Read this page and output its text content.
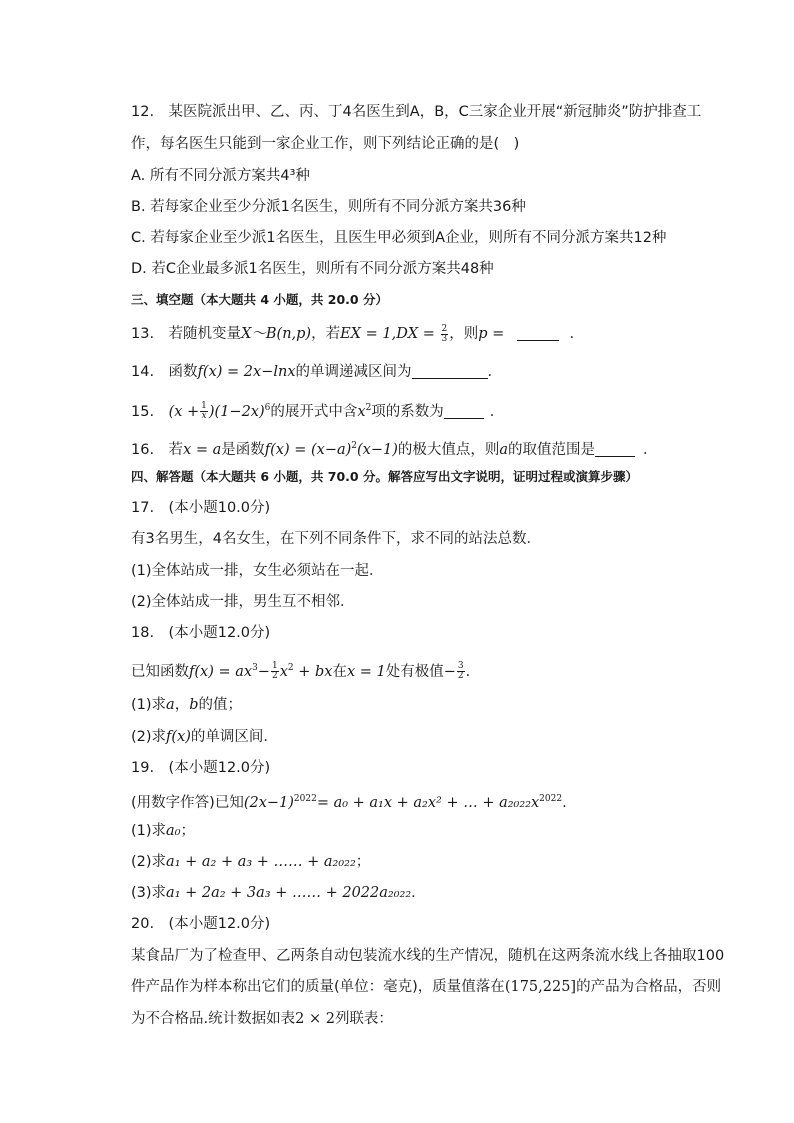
12.　某医院派出甲、乙、丙、丁4名医生到A，B，C三家企业开展“新冠肺炎”防护排查工
作，每名医生只能到一家企业工作，则下列结论正确的是(　)
A. 所有不同分派方案共4³种
B. 若每家企业至少分派1名医生，则所有不同分派方案共36种
C. 若每家企业至少派1名医生，且医生甲必须到A企业，则所有不同分派方案共12种
D. 若C企业最多派1名医生，则所有不同分派方案共48种
三、填空题（本大题共 4 小题，共 20.0 分）
13.　若随机变量X～B(n,p)，若EX = $1,DX = \frac{2}{3}$ ，则p =	．
14.　函数f(x) = 2x−lnx的单调递减区间为	．
15.　$(x + \frac{1}{x} )(1-2x)^6$的展开式中含$x^2$项的系数为	．
16.　若x = a是函数$f(x) = (x-a)^2(x-1)$的极大值点，则a的取值范围是	．
四、解答题（本大题共 6 小题，共 70.0 分。解答应写出文字说明，证明过程或演算步骤）
17.　(本小题10.0分)
有3名男生，4名女生，在下列不同条件下，求不同的站法总数．
(1)全体站成一排，女生必须站在一起．
(2)全体站成一排，男生互不相邻．
18.　(本小题12.0分)
已知函数$f(x) = ax^3- \frac{1}{2} x^2$ + bx在x = 1处有极值− $\frac{3}{2}$ ．
(1)求a，b的值；
(2)求f(x)的单调区间．
19.　(本小题12.0分)
(用数字作答)已知$(2x-1)^{2022}= a_0 + a_1x + a_2x^2$ + … + $a_{2022}x^{2022}$.
(1)求a₀；
(2)求a₁ + a₂ + a₃ + …… + a₂₀₂₂；
(3)求a₁ + 2a₂ + 3a₃ + …… + 2022a₂₀₂₂.
20.　(本小题12.0分)
某食品厂为了检查甲、乙两条自动包装流水线的生产情况，随机在这两条流水线上各抽取100
件产品作为样本称出它们的质量(单位：毫克)，质量值落在(175,225]的产品为合格品，否则
为不合格品.统计数据如表2 × 2列联表：
